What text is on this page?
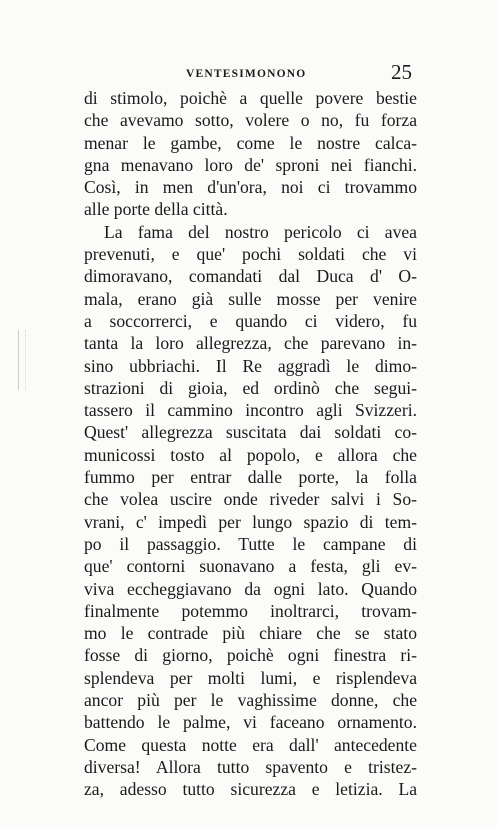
VENTESIMONONO	25
di stimolo, poichè a quelle povere bestie
che avevamo sotto, volere o no, fu forza
menar le gambe, come le nostre calca-
gna menavano loro de' sproni nei fianchi.
Così, in men d'un'ora, noi ci trovammo
alle porte della città.
La fama del nostro pericolo ci avea
prevenuti, e que' pochi soldati che vi
dimoravano, comandati dal Duca d' O-
mala, erano già sulle mosse per venire
a soccorrerci, e quando ci videro, fu
tanta la loro allegrezza, che parevano in-
sino ubbriachi. Il Re aggradì le dimo-
strazioni di gioia, ed ordinò che segui-
tassero il cammino incontro agli Svizzeri.
Quest' allegrezza suscitata dai soldati co-
municossi tosto al popolo, e allora che
fummo per entrar dalle porte, la folla
che volea uscire onde riveder salvi i So-
vrani, c' impedì per lungo spazio di tem-
po il passaggio. Tutte le campane di
que' contorni suonavano a festa, gli ev-
viva eccheggiavano da ogni lato. Quando
finalmente potemmo inoltrarci, trovam-
mo le contrade più chiare che se stato
fosse di giorno, poichè ogni finestra ri-
splendeva per molti lumi, e risplendeva
ancor più per le vaghissime donne, che
battendo le palme, vi faceano ornamento.
Come questa notte era dall' antecedente
diversa! Allora tutto spavento e tristez-
za, adesso tutto sicurezza e letizia. La
